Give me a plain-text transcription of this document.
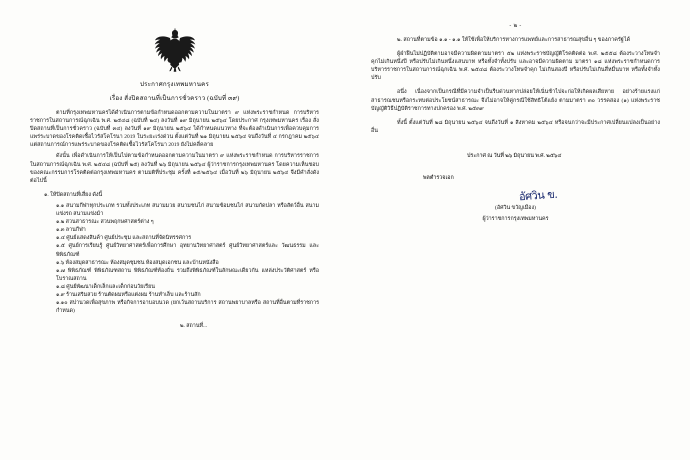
ประกาศกรุงเทพมหานคร
เรื่อง สั่งปิดสถานที่เป็นการชั่วคราว (ฉบับที่ ๓๙)
ตามที่กรุงเทพมหานครได้ดำเนินการตามข้อกำหนดออกตามความในมาตรา ๙ แห่งพระราชกำหนด การบริหารราชการในสถานการณ์ฉุกเฉิน พ.ศ. ๒๕๔๘ (ฉบับที่ ๒๔) ลงวันที่ ๑๙ มิถุนายน ๒๕๖๔ โดยประกาศ กรุงเทพมหานคร เรื่อง สั่งปิดสถานที่เป็นการชั่วคราว (ฉบับที่ ๓๔) ลงวันที่ ๑๙ มิถุนายน ๒๕๖๔ ได้กำหนดแนวทาง ที่จะต้องดำเนินการเพื่อควบคุมการแพร่ระบาดของโรคติดเชื้อไวรัสโคโรนา 2019 ในระยะเร่งด่วน ตั้งแต่วันที่ ๒๑ มิถุนายน ๒๕๖๔ จนถึงวันที่ ๔ กรกฎาคม ๒๕๖๔ แต่สถานการณ์การแพร่ระบาดของโรคติดเชื้อไวรัสโคโรนา 2019 ยังไม่คลี่คลาย
ดังนั้น เพื่อดำเนินการให้เป็นไปตามข้อกำหนดออกตามความในมาตรา ๙ แห่งพระราชกำหนด การบริหารราชการในสถานการณ์ฉุกเฉิน พ.ศ. ๒๕๔๘ (ฉบับที่ ๒๕) ลงวันที่ ๒๖ มิถุนายน ๒๕๖๔ ผู้ว่าราชการกรุงเทพมหานคร โดยความเห็นชอบของคณะกรรมการโรคติดต่อกรุงเทพมหานคร ตามมติที่ประชุม ครั้งที่ ๑๕/๒๕๖๔ เมื่อวันที่ ๒๖ มิถุนายน ๒๕๖๔ จึงมีคำสั่งดังต่อไปนี้
๑. ให้ปิดสถานที่เสี่ยง ดังนี้
๑.๑ สนามกีฬาทุกประเภท รวมทั้งประเภท สนามมวย สนามชนไก่ สนามซ้อมชนไก่ สนามกัดปลา หรือสัตว์อื่น สนามแข่งรถ สนามแข่งม้า
๑.๒ สวนสาธารณะ สวนพฤกษศาสตร์ต่าง ๆ
๑.๓ ลานกีฬา
๑.๔ ศูนย์แสดงสินค้า ศูนย์ประชุม และสถานที่จัดนิทรรศการ
๑.๕ ศูนย์การเรียนรู้ ศูนย์วิทยาศาสตร์เพื่อการศึกษา อุทยานวิทยาศาสตร์ ศูนย์วิทยาศาสตร์และ วัฒนธรรม และพิพิธภัณฑ์
๑.๖ ห้องสมุดสาธารณะ ห้องสมุดชุมชน ห้องสมุดเอกชน และบ้านหนังสือ
๑.๗ พิพิธภัณฑ์ พิพิธภัณฑสถาน พิพิธภัณฑ์ท้องถิ่น รวมถึงพิพิธภัณฑ์ในลักษณะเดียวกัน แหล่งประวัติศาสตร์ หรือโบราณสถาน
๑.๘ ศูนย์พัฒนาเด็กเล็กและเด็กก่อนวัยเรียน
๑.๙ ร้านเสริมสวย ร้านตัดผมหรือแต่งผม ร้านทำเล็บ และร้านสัก
๑.๑๐ สปานวดเพื่อสุขภาพ หรือกิจการอาบอบนวด (ยกเว้นสถานบริการ สถานพยาบาลหรือ สถานที่อื่นตามที่ราชการกำหนด)
๒. สถานที่...
- ๒ -
๒. สถานที่ตามข้อ ๑.๑ - ๑.๑ ให้ใช้เพื่อให้บริการทางการแพทย์และการสาธารณสุขอื่น ๆ ของภาครัฐได้
ผู้ฝ่าฝืนไม่ปฏิบัติตามอาจมีความผิดตามมาตรา ๕๒ แห่งพระราชบัญญัติโรคติดต่อ พ.ศ. ๒๕๕๘ ต้องระวางโทษจำคุกไม่เกินหนึ่งปี หรือปรับไม่เกินหนึ่งแสนบาท หรือทั้งจำทั้งปรับ และอาจมีความผิดตาม มาตรา ๑๘ แห่งพระราชกำหนดการบริหารราชการในสถานการณ์ฉุกเฉิน พ.ศ. ๒๕๔๘ ต้องระวางโทษจำคุก ไม่เกินสองปี หรือปรับไม่เกินสี่หมื่นบาท หรือทั้งจำทั้งปรับ
อนึ่ง เนื่องจากเป็นกรณีที่มีความจำเป็นรีบด่วนหากปล่อยให้เนิ่นช้าไปจะก่อให้เกิดผลเสียหาย อย่างร้ายแรงแก่สาธารณชนหรือกระทบต่อประโยชน์สาธารณะ จึงไม่อาจให้คู่กรณีใช้สิทธิโต้แย้ง ตามมาตรา ๓๐ วรรคสอง (๑) แห่งพระราชบัญญัติวิธีปฏิบัติราชการทางปกครอง พ.ศ. ๒๕๓๙
ทั้งนี้ ตั้งแต่วันที่ ๒๘ มิถุนายน ๒๕๖๔ จนถึงวันที่ ๑ สิงหาคม ๒๕๖๔ หรือจนกว่าจะมีประกาศเปลี่ยนแปลงเป็นอย่างอื่น
ประกาศ ณ วันที่ ๒๖ มิถุนายน พ.ศ. ๒๕๖๔
พลตำรวจเอก
อัศวิน ข.
(อัศวิน ขวัญเมือง)
ผู้ว่าราชการกรุงเทพมหานคร
